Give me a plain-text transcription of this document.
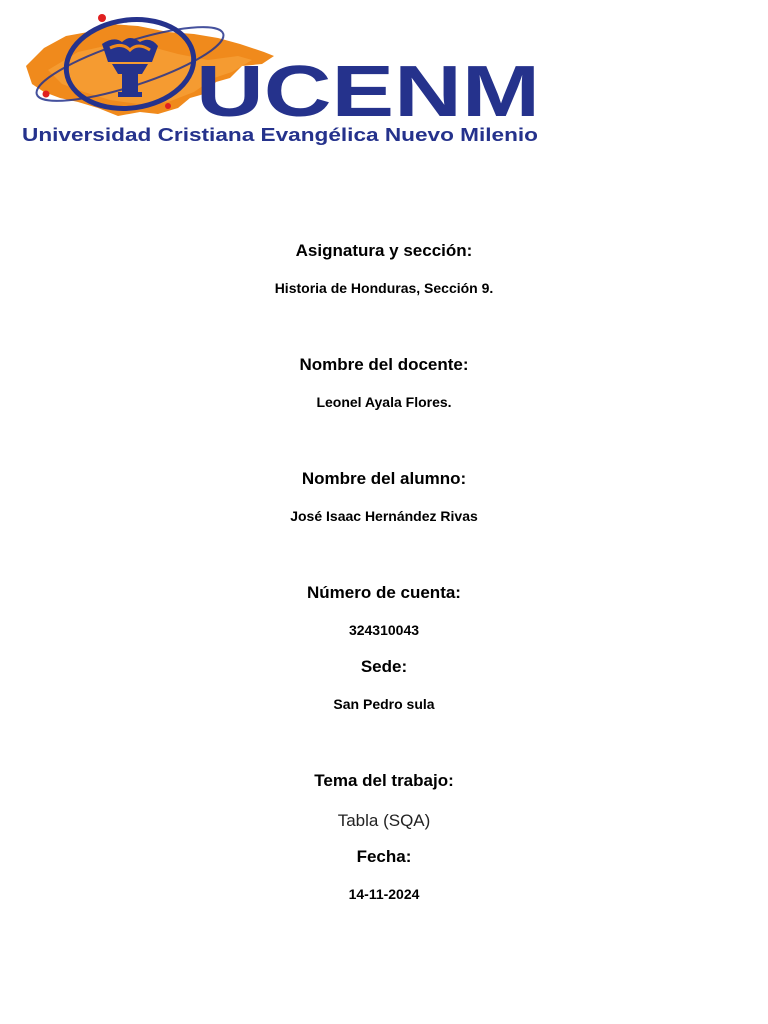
UCENM
Universidad Cristiana Evangélica Nuevo Milenio
Asignatura y sección:
Historia de Honduras, Sección 9.
Nombre del docente:
Leonel Ayala Flores.
Nombre del alumno:
José Isaac Hernández Rivas
Número de cuenta:
324310043
Sede:
San Pedro sula
Tema del trabajo:
Tabla (SQA)
Fecha:
14-11-2024
